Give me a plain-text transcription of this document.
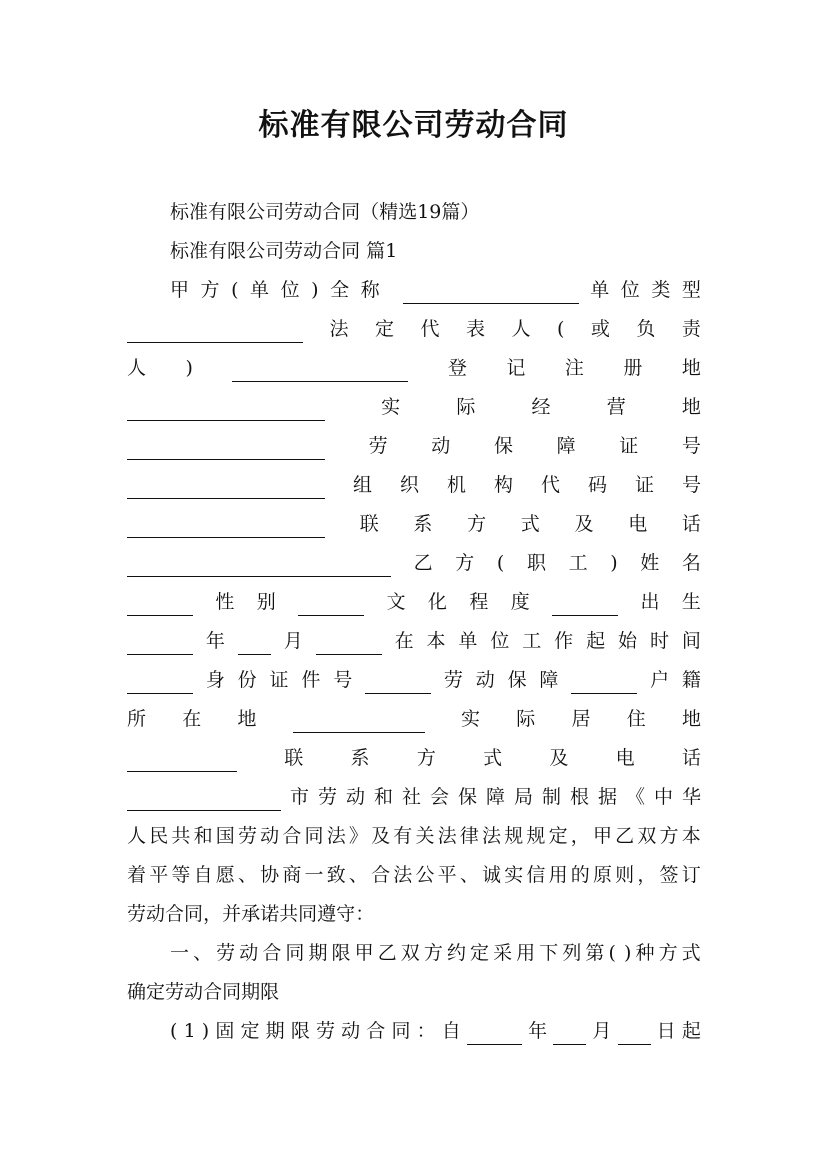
标准有限公司劳动合同
标准有限公司劳动合同（精选19篇）
标准有限公司劳动合同 篇1
甲 方 ( 单 位 ) 全 称	单 位 类 型
法 定 代 表 人 ( 或 负 责
人 )	登 记 注 册 地
实	际	经	营	地
劳 动 保 障 证 号
组 织 机 构 代 码 证 号
联 系 方 式 及 电 话
乙 方 ( 职 工 ) 姓 名
性 别	文 化 程 度	出 生
年	月	在 本 单 位 工 作 起 始 时 间
身 份 证 件 号	劳 动 保 障	户 籍
所 在 地	实 际 居 住 地
联 系 方 式 及 电 话
市 劳 动 和 社 会 保 障 局 制 根 据 《 中 华
人 民 共 和 国 劳 动 合 同 法 》 及 有 关 法 律 法 规 规 定 ， 甲 乙 双 方 本
着 平 等 自 愿 、 协 商 一 致 、 合 法 公 平 、 诚 实 信 用 的 原 则 ， 签 订
劳动合同，并承诺共同遵守：
一 、 劳 动 合 同 期 限 甲 乙 双 方 约 定 采 用 下 列 第 ( ) 种 方 式
确定劳动合同期限
( 1 ) 固 定 期 限 劳 动 合 同 ： 自	年 月 日 起
